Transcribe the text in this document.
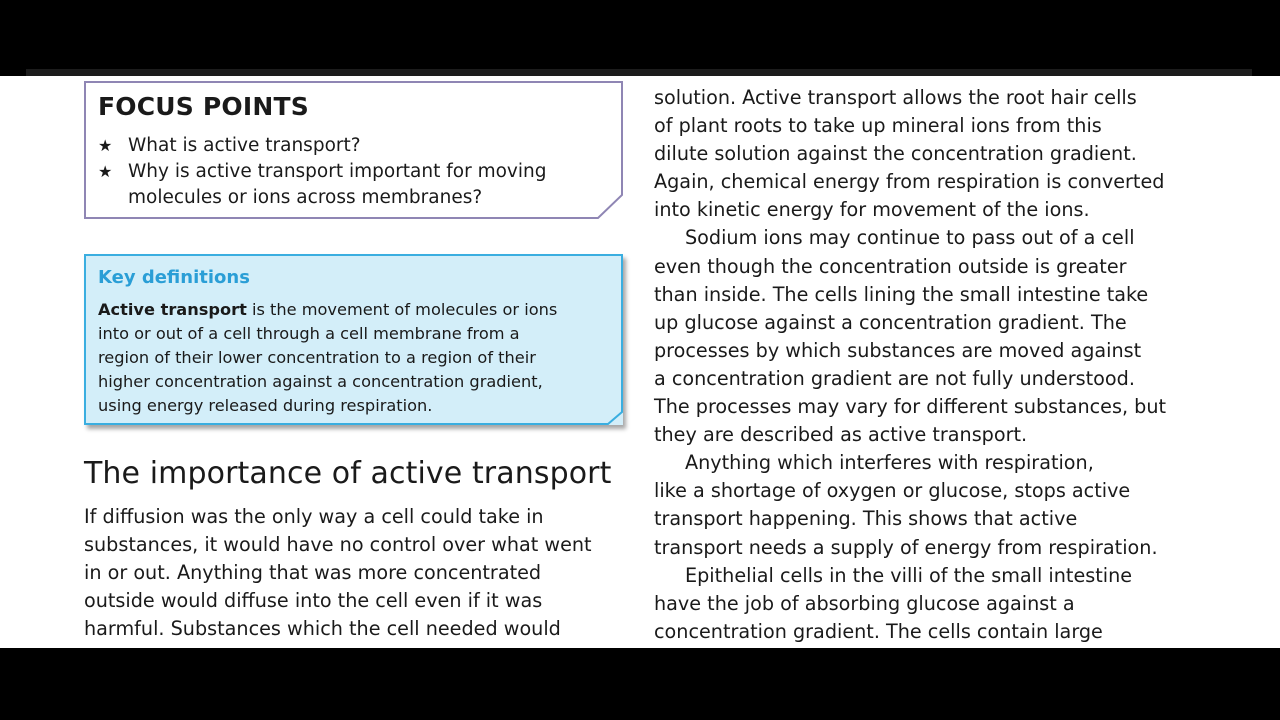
FOCUS POINTS
★ What is active transport?
★ Why is active transport important for moving
molecules or ions across membranes?
Key definitions
Active transport is the movement of molecules or ions
into or out of a cell through a cell membrane from a
region of their lower concentration to a region of their
higher concentration against a concentration gradient,
using energy released during respiration.
The importance of active transport
If diffusion was the only way a cell could take in
substances, it would have no control over what went
in or out. Anything that was more concentrated
outside would diffuse into the cell even if it was
harmful. Substances which the cell needed would
solution. Active transport allows the root hair cells
of plant roots to take up mineral ions from this
dilute solution against the concentration gradient.
Again, chemical energy from respiration is converted
into kinetic energy for movement of the ions.
Sodium ions may continue to pass out of a cell
even though the concentration outside is greater
than inside. The cells lining the small intestine take
up glucose against a concentration gradient. The
processes by which substances are moved against
a concentration gradient are not fully understood.
The processes may vary for different substances, but
they are described as active transport.
Anything which interferes with respiration,
like a shortage of oxygen or glucose, stops active
transport happening. This shows that active
transport needs a supply of energy from respiration.
Epithelial cells in the villi of the small intestine
have the job of absorbing glucose against a
concentration gradient. The cells contain large
